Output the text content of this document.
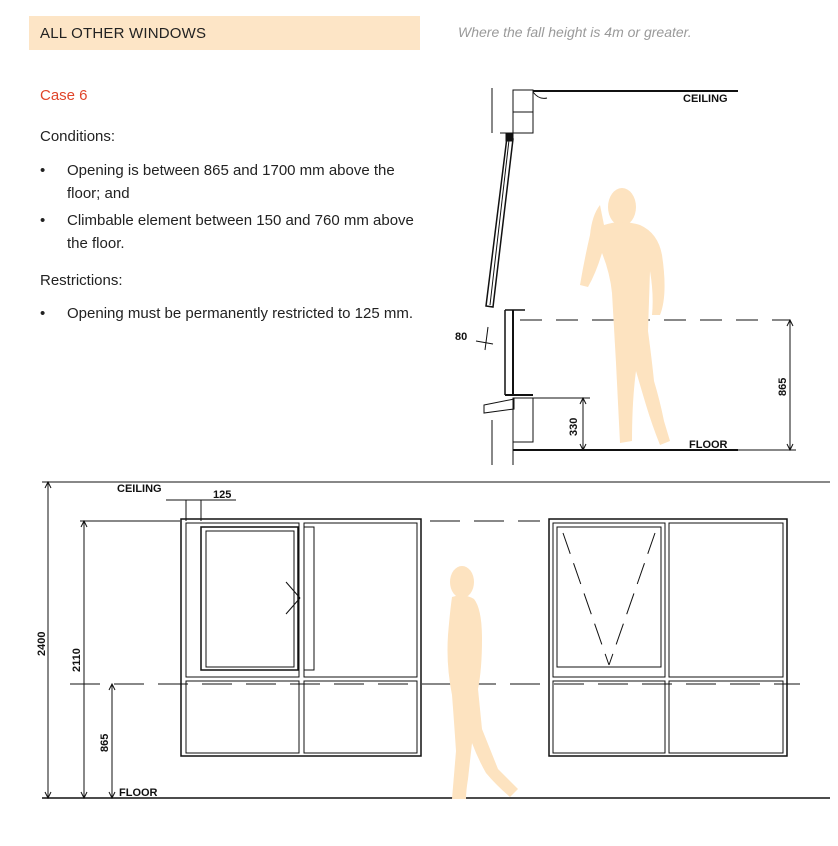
ALL OTHER WINDOWS	Where the fall height is 4m or greater.
Case 6
Conditions:
• Opening is between 865 and 1700 mm above the floor; and
• Climbable element between 150 and 760 mm above the floor.
Restrictions:
• Opening must be permanently restricted to 125 mm.
CEILING
FLOOR
80
330
865
CEILING
FLOOR
125
2400
2110
865
